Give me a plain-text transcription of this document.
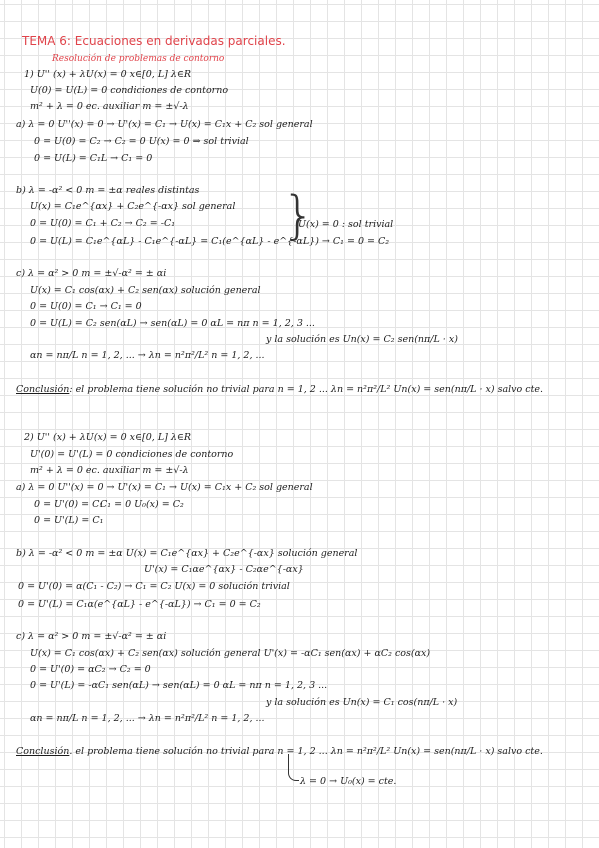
TEMA 6: Ecuaciones en derivadas parciales.
Resolución de problemas de contorno
1) U'' (x) + λU(x) = 0 x∈[0, L] λ∈R
U(0) = U(L) = 0 condiciones de contorno
m² + λ = 0 ec. auxiliar m = ±√-λ
a) λ = 0 U''(x) = 0 → U'(x) = C₁ → U(x) = C₁x + C₂ sol general
0 = U(0) = C₂ → C₂ = 0 U(x) = 0 ⇒ sol trivial
0 = U(L) = C₁L → C₁ = 0
b) λ = -α² < 0 m = ±α reales distintas
U(x) = C₁e^{αx} + C₂e^{-αx} sol general
0 = U(0) = C₁ + C₂ → C₂ = -C₁
0 = U(L) = C₁e^{αL} - C₁e^{-αL} = C₁(e^{αL} - e^{-αL}) → C₁ = 0 = C₂
}
U(x) = 0 : sol trivial
c) λ = α² > 0 m = ±√-α² = ± αi
U(x) = C₁ cos(αx) + C₂ sen(αx) solución general
0 = U(0) = C₁ → C₁ = 0
0 = U(L) = C₂ sen(αL) → sen(αL) = 0 αL = nπ n = 1, 2, 3 ...
y la solución es Un(x) = C₂ sen(nπ/L · x)
αn = nπ/L n = 1, 2, ... → λn = n²π²/L² n = 1, 2, ...
Conclusión: el problema tiene solución no trivial para n = 1, 2 ... λn = n²π²/L² Un(x) = sen(nπ/L · x) salvo cte.
2) U'' (x) + λU(x) = 0 x∈[0, L] λ∈R
U'(0) = U'(L) = 0 condiciones de contorno
m² + λ = 0 ec. auxiliar m = ±√-λ
a) λ = 0 U''(x) = 0 → U'(x) = C₁ → U(x) = C₁x + C₂ sol general
0 = U'(0) = C₁
0 = U'(L) = C₁
C₁ = 0 U₀(x) = C₂
b) λ = -α² < 0 m = ±α U(x) = C₁e^{αx} + C₂e^{-αx} solución general
U'(x) = C₁αe^{αx} - C₂αe^{-αx}
0 = U'(0) = α(C₁ - C₂) → C₁ = C₂ U(x) = 0 solución trivial
0 = U'(L) = C₁α(e^{αL} - e^{-αL}) → C₁ = 0 = C₂
c) λ = α² > 0 m = ±√-α² = ± αi
U(x) = C₁ cos(αx) + C₂ sen(αx) solución general U'(x) = -αC₁ sen(αx) + αC₂ cos(αx)
0 = U'(0) = αC₂ → C₂ = 0
0 = U'(L) = -αC₁ sen(αL) → sen(αL) = 0 αL = nπ n = 1, 2, 3 ...
y la solución es Un(x) = C₁ cos(nπ/L · x)
αn = nπ/L n = 1, 2, ... → λn = n²π²/L² n = 1, 2, ...
Conclusión. el problema tiene solución no trivial para n = 1, 2 ... λn = n²π²/L² Un(x) = sen(nπ/L · x) salvo cte.
λ = 0 → U₀(x) = cte.
